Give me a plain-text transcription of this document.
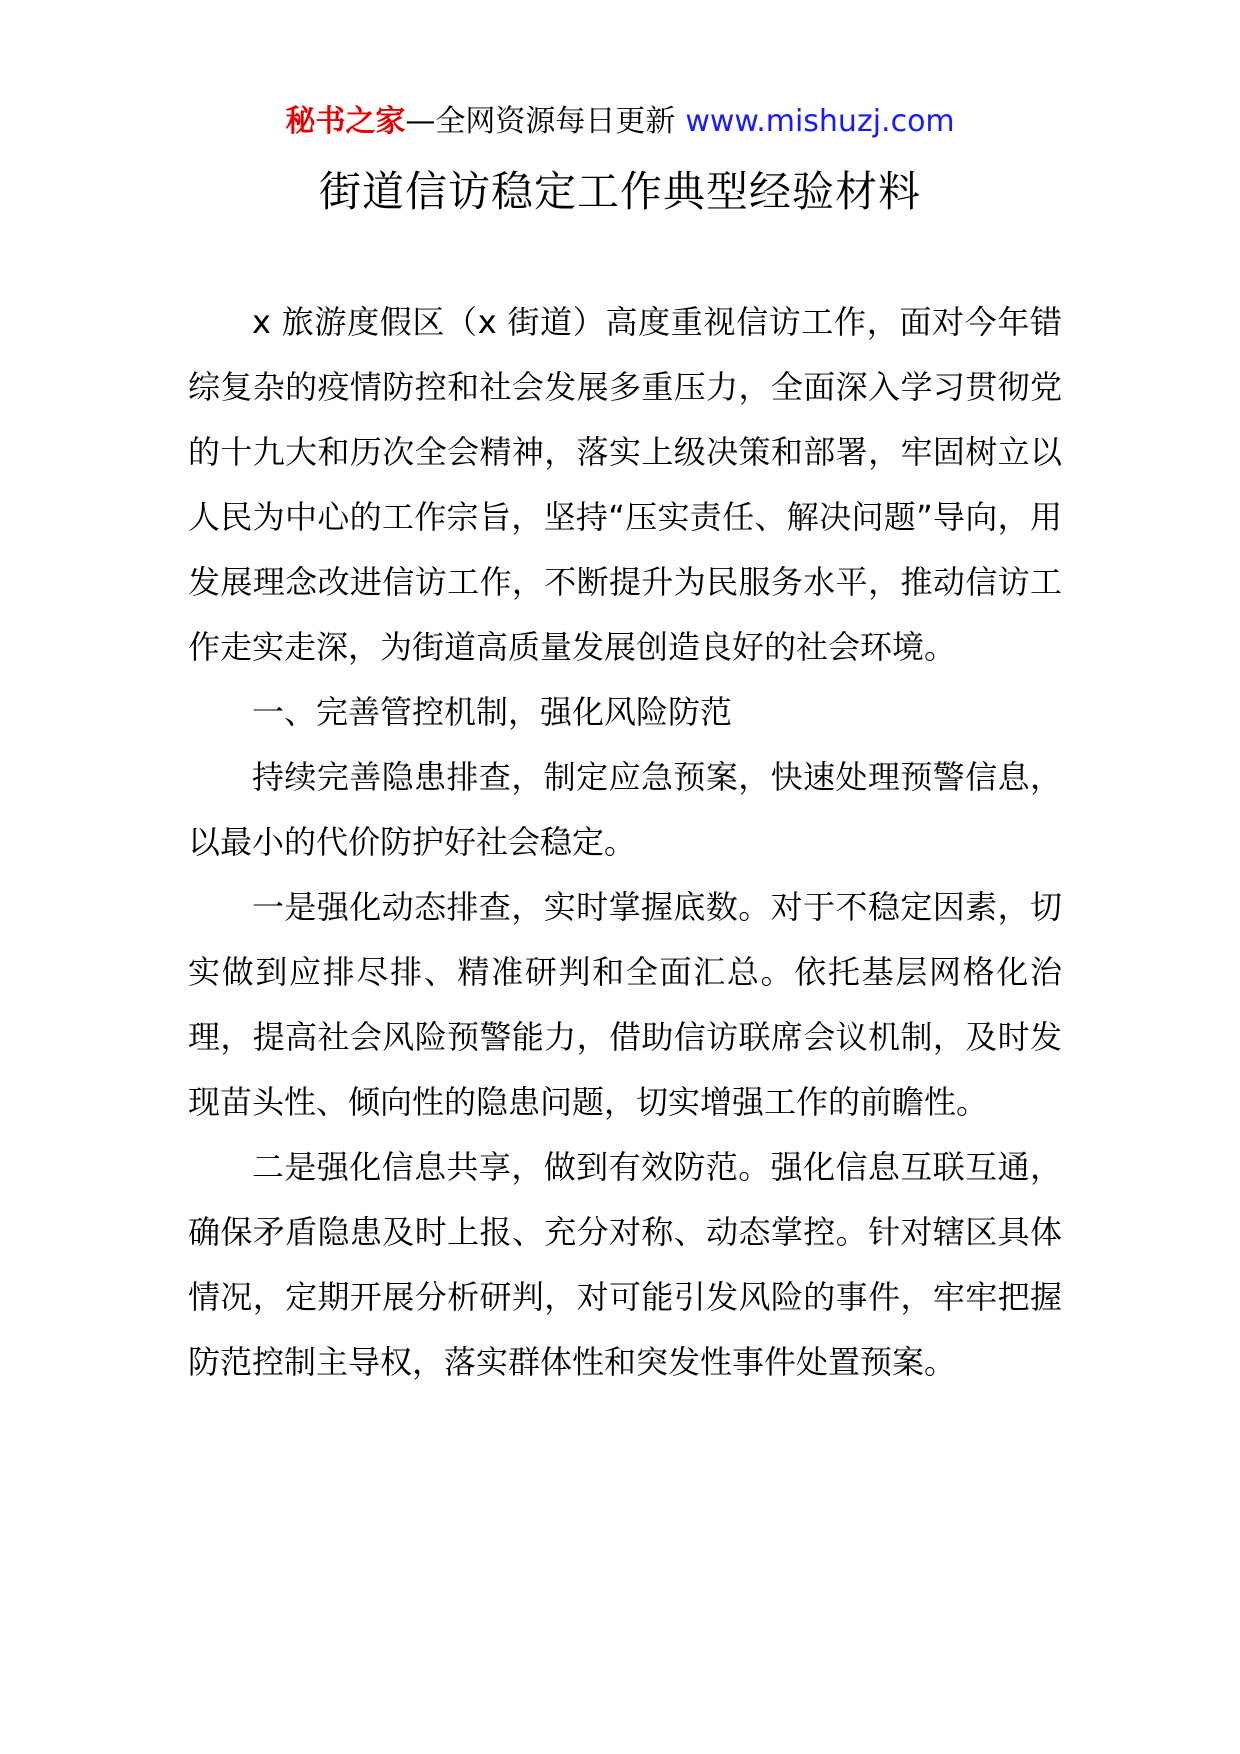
秘书之家—全网资源每日更新 www.mishuzj.com
街道信访稳定工作典型经验材料

x 旅游度假区（x 街道）高度重视信访工作，面对今年错综复杂的疫情防控和社会发展多重压力，全面深入学习贯彻党的十九大和历次全会精神，落实上级决策和部署，牢固树立以人民为中心的工作宗旨，坚持“压实责任、解决问题”导向，用发展理念改进信访工作，不断提升为民服务水平，推动信访工作走实走深，为街道高质量发展创造良好的社会环境。

一、完善管控机制，强化风险防范

持续完善隐患排查，制定应急预案，快速处理预警信息，以最小的代价防护好社会稳定。

一是强化动态排查，实时掌握底数。对于不稳定因素，切实做到应排尽排、精准研判和全面汇总。依托基层网格化治理，提高社会风险预警能力，借助信访联席会议机制，及时发现苗头性、倾向性的隐患问题，切实增强工作的前瞻性。

二是强化信息共享，做到有效防范。强化信息互联互通，确保矛盾隐患及时上报、充分对称、动态掌控。针对辖区具体情况，定期开展分析研判，对可能引发风险的事件，牢牢把握防范控制主导权，落实群体性和突发性事件处置预案。
